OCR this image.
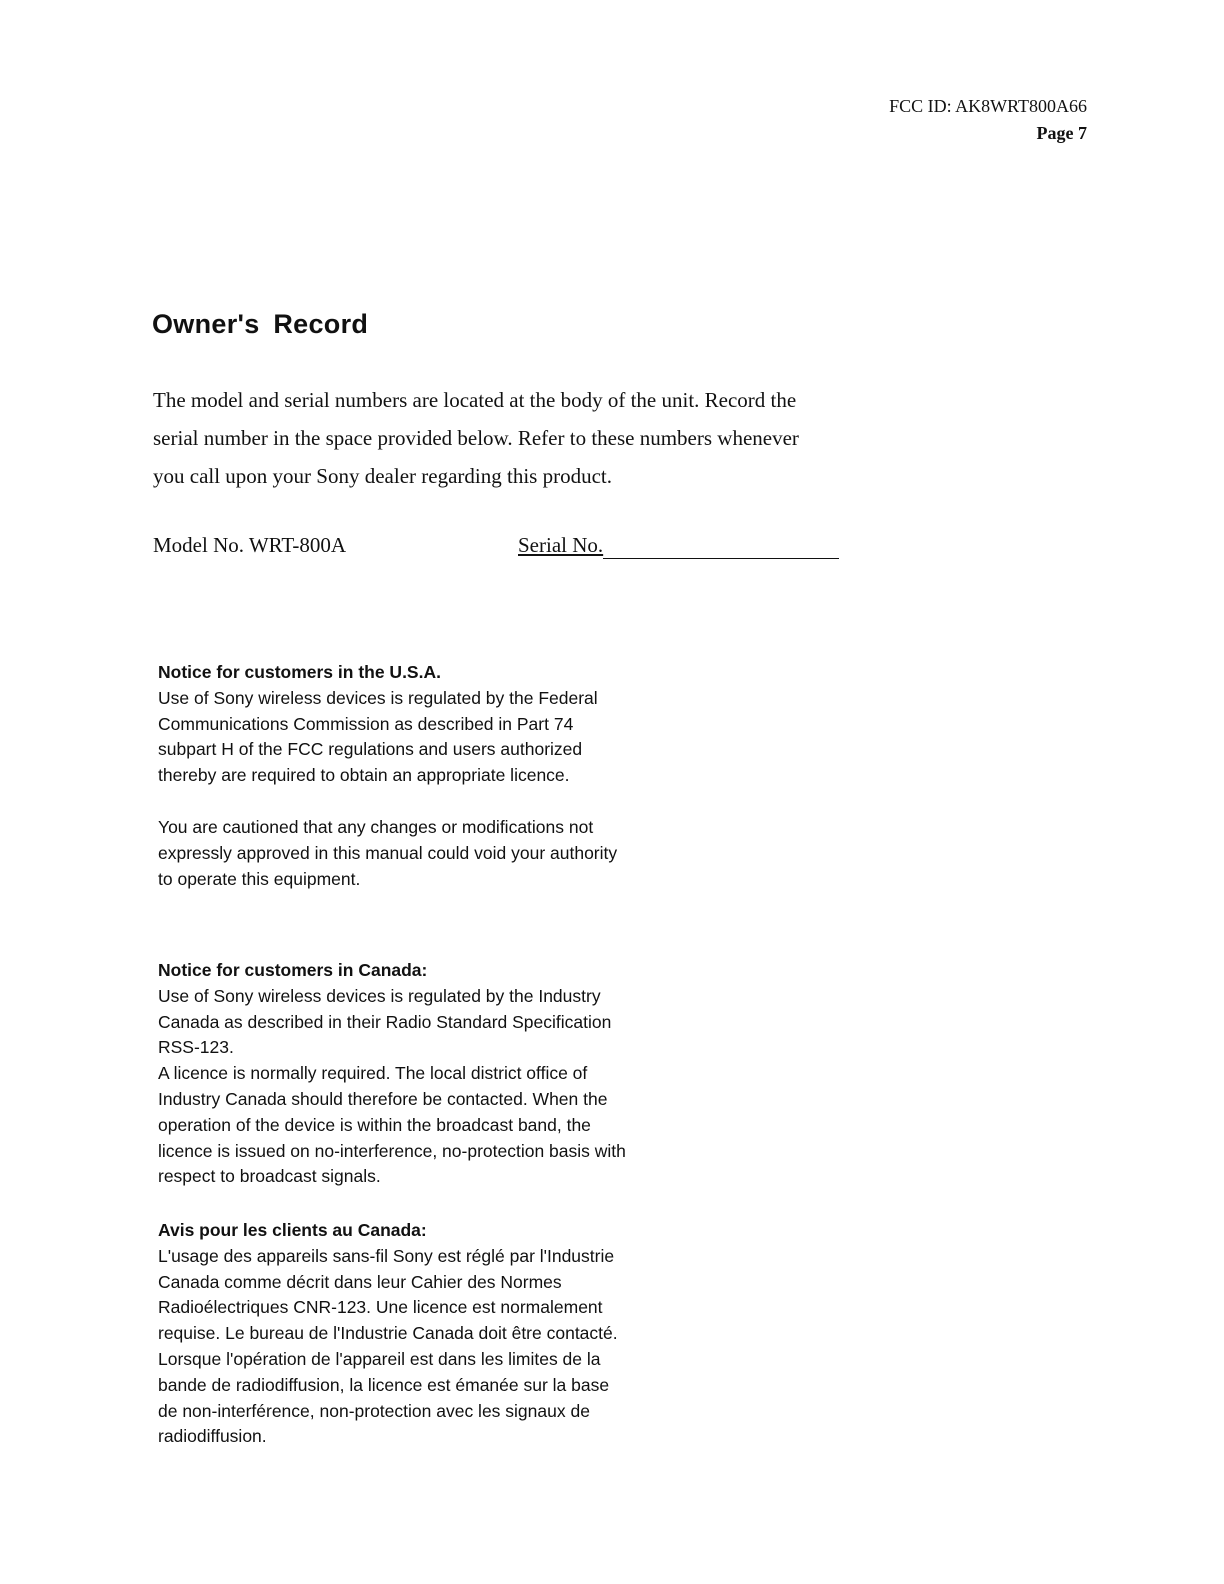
FCC ID: AK8WRT800A66
Page 7
Owner's Record

The model and serial numbers are located at the body of the unit. Record the
serial number in the space provided below. Refer to these numbers whenever
you call upon your Sony dealer regarding this product.

Model No. WRT-800A	Serial No.
Notice for customers in the U.S.A.

Use of Sony wireless devices is regulated by the Federal
Communications Commission as described in Part 74
subpart H of the FCC regulations and users authorized
thereby are required to obtain an appropriate licence.

You are cautioned that any changes or modifications not
expressly approved in this manual could void your authority
to operate this equipment.

Notice for customers in Canada:

Use of Sony wireless devices is regulated by the Industry
Canada as described in their Radio Standard Specification
RSS-123.

A licence is normally required. The local district office of
Industry Canada should therefore be contacted. When the
operation of the device is within the broadcast band, the
licence is issued on no-interference, no-protection basis with
respect to broadcast signals.

Avis pour les clients au Canada:

L'usage des appareils sans-fil Sony est réglé par l'Industrie
Canada comme décrit dans leur Cahier des Normes
Radioélectriques CNR-123. Une licence est normalement
requise. Le bureau de l'Industrie Canada doit être contacté.
Lorsque l'opération de l'appareil est dans les limites de la
bande de radiodiffusion, la licence est émanée sur la base
de non-interférence, non-protection avec les signaux de
radiodiffusion.
